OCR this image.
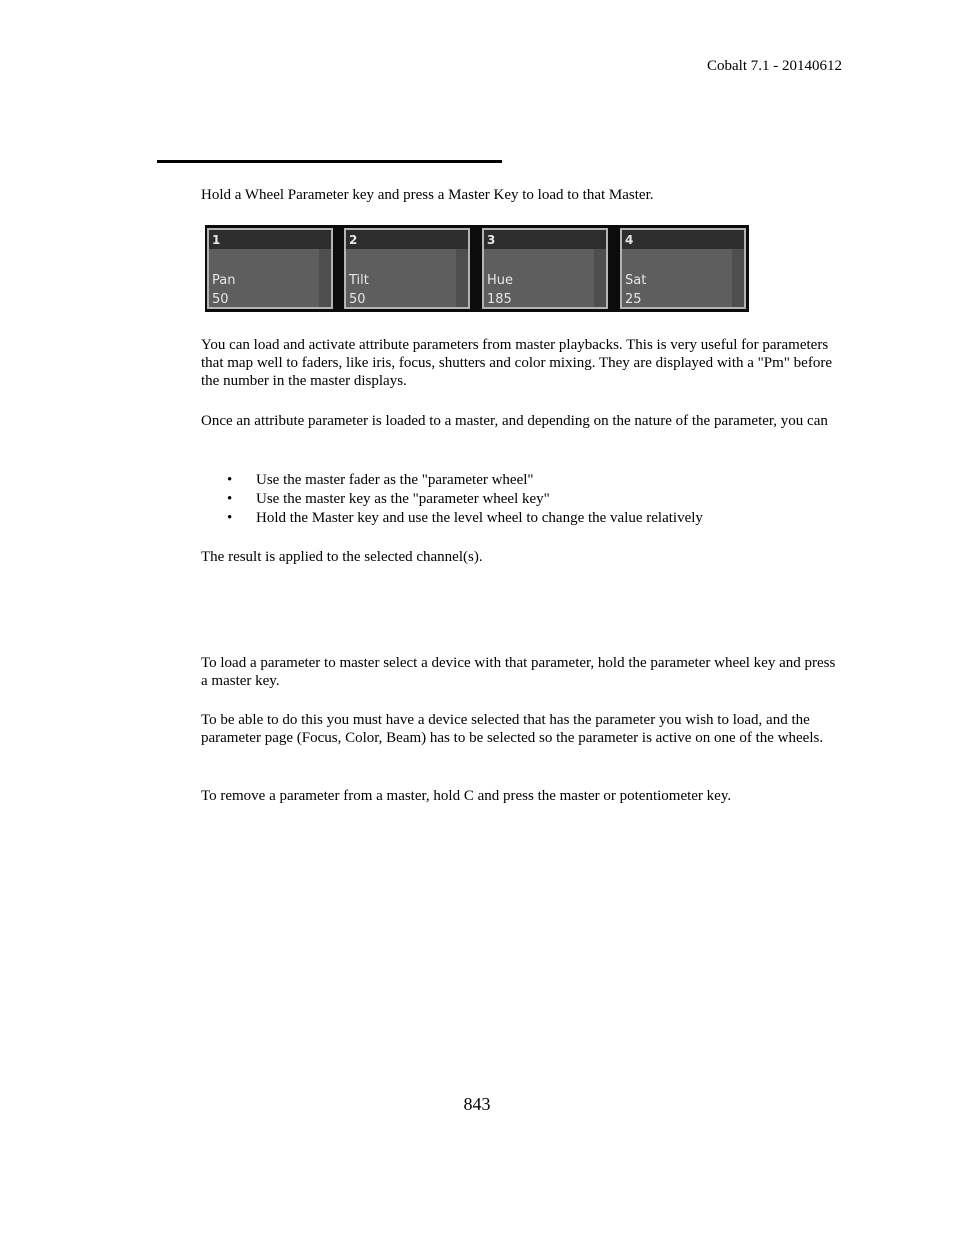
Cobalt 7.1 - 20140612

Hold a Wheel Parameter key and press a Master Key to load to that Master.

1
Pan
50
2
Tilt
50
3
Hue
185
4
Sat
25

You can load and activate attribute parameters from master playbacks. This is very useful for parameters that map well to faders, like iris, focus, shutters and color mixing. They are displayed with a "Pm" before the number in the master displays.

Once an attribute parameter is loaded to a master, and depending on the nature of the parameter, you can

• Use the master fader as the "parameter wheel"
• Use the master key as the "parameter wheel key"
• Hold the Master key and use the level wheel to change the value relatively

The result is applied to the selected channel(s).

To load a parameter to master select a device with that parameter, hold the parameter wheel key and press a master key.

To be able to do this you must have a device selected that has the parameter you wish to load, and the parameter page (Focus, Color, Beam) has to be selected so the parameter is active on one of the wheels.

To remove a parameter from a master, hold C and press the master or potentiometer key.

843
